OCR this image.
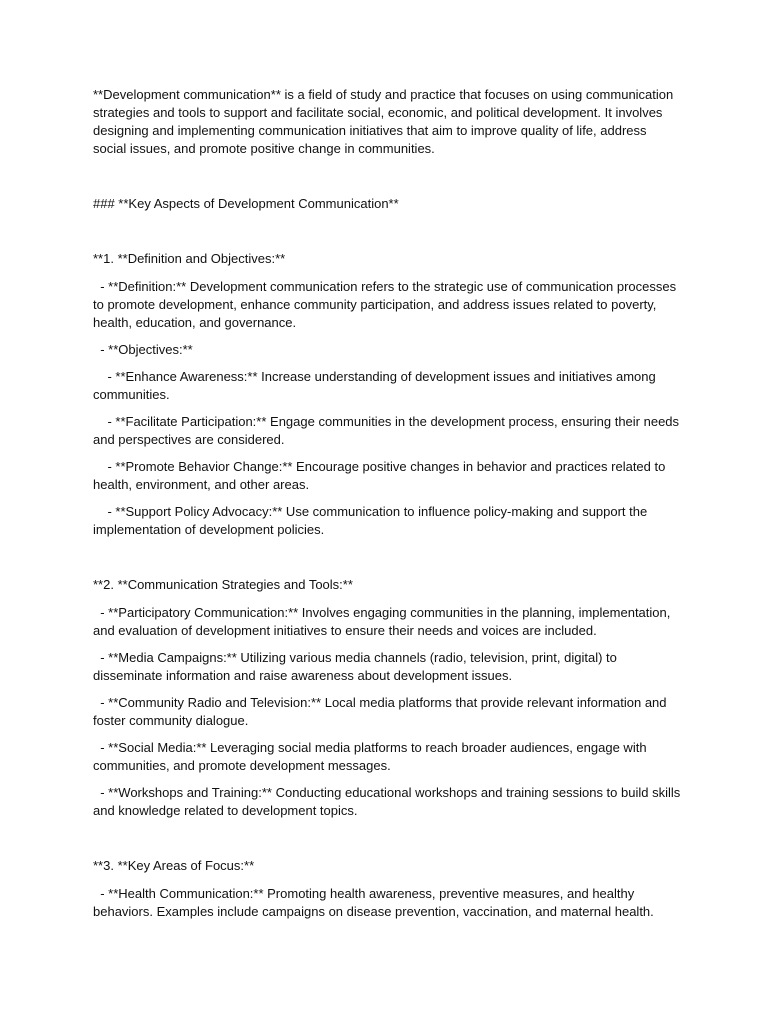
**Development communication** is a field of study and practice that focuses on using communication strategies and tools to support and facilitate social, economic, and political development. It involves designing and implementing communication initiatives that aim to improve quality of life, address social issues, and promote positive change in communities.

### **Key Aspects of Development Communication**

**1. **Definition and Objectives:**

- **Definition:** Development communication refers to the strategic use of communication processes to promote development, enhance community participation, and address issues related to poverty, health, education, and governance.

- **Objectives:**

- **Enhance Awareness:** Increase understanding of development issues and initiatives among communities.

- **Facilitate Participation:** Engage communities in the development process, ensuring their needs and perspectives are considered.

- **Promote Behavior Change:** Encourage positive changes in behavior and practices related to health, environment, and other areas.

- **Support Policy Advocacy:** Use communication to influence policy-making and support the implementation of development policies.

**2. **Communication Strategies and Tools:**

- **Participatory Communication:** Involves engaging communities in the planning, implementation, and evaluation of development initiatives to ensure their needs and voices are included.

- **Media Campaigns:** Utilizing various media channels (radio, television, print, digital) to disseminate information and raise awareness about development issues.

- **Community Radio and Television:** Local media platforms that provide relevant information and foster community dialogue.

- **Social Media:** Leveraging social media platforms to reach broader audiences, engage with communities, and promote development messages.

- **Workshops and Training:** Conducting educational workshops and training sessions to build skills and knowledge related to development topics.

**3. **Key Areas of Focus:**

- **Health Communication:** Promoting health awareness, preventive measures, and healthy behaviors. Examples include campaigns on disease prevention, vaccination, and maternal health.
